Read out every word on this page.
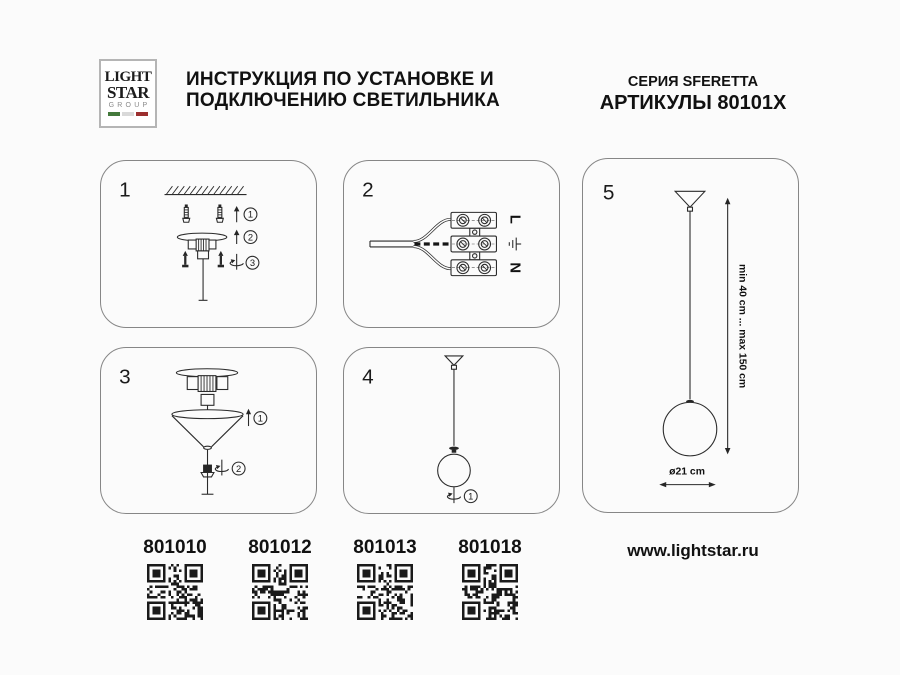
LIGHT
STAR
GROUP
ИНСТРУКЦИЯ ПО УСТАНОВКЕ И
ПОДКЛЮЧЕНИЮ СВЕТИЛЬНИКА
СЕРИЯ SFERETTA
АРТИКУЛЫ 80101X
1
1
2
3
2
L
N
3
1
2
4
1
5
min 40 cm ... max 150 cm
ø21 cm
801010	801012	801013	801018	www.lightstar.ru
